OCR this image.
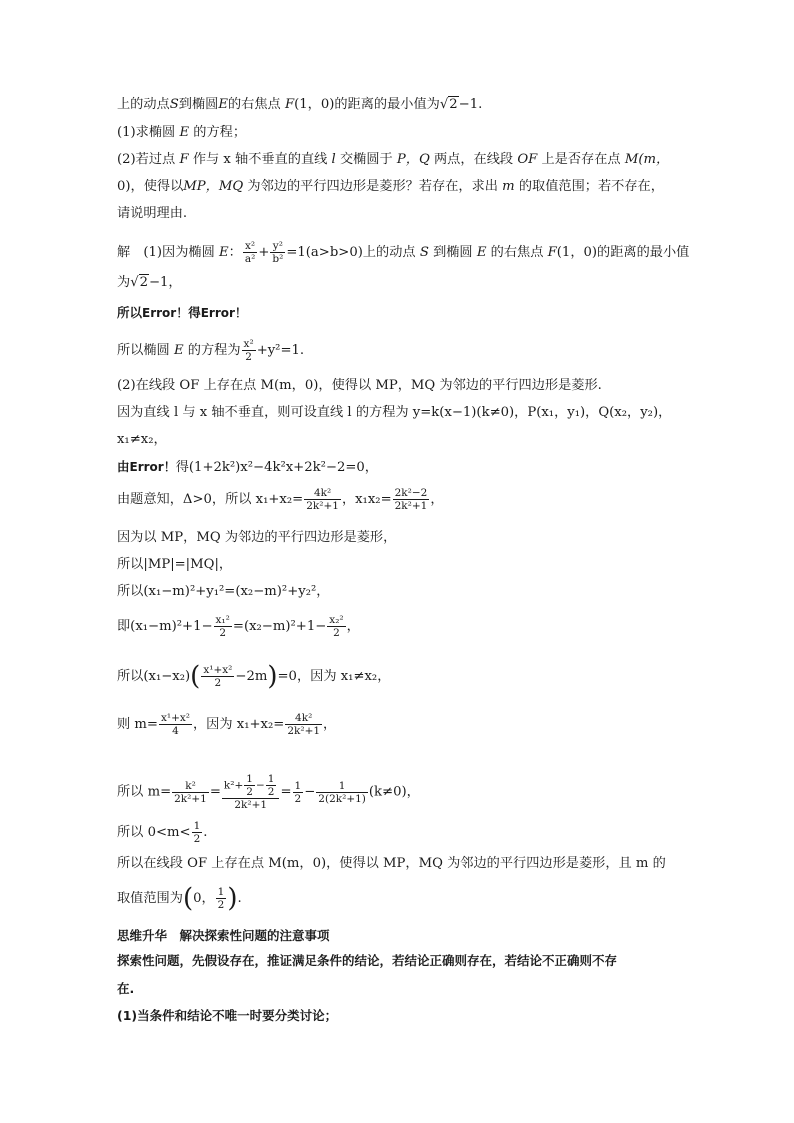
上的动点S到椭圆E的右焦点 F(1，0)的距离的最小值为√2−1.
(1)求椭圆 E 的方程；
(2)若过点 F 作与 x 轴不垂直的直线 l 交椭圆于 P，Q 两点，在线段 OF 上是否存在点 M(m，
0)，使得以MP，MQ 为邻边的平行四边形是菱形？若存在，求出 m 的取值范围；若不存在，
请说明理由.
解　(1)因为椭圆 E： $\frac{\text{x²}}{\text{a²}} + \frac{\text{y²}}{\text{b²}} =1(a>b>0)$上的动点 S 到椭圆 E 的右焦点 F(1，0)的距离的最小值
为√2−1，
所以Error！得Error！
所以椭圆 E 的方程为 $\frac{\text{x²}}{2} +y^2=1$.
(2)在线段 OF 上存在点 M(m，0)，使得以 MP，MQ 为邻边的平行四边形是菱形.
因为直线 l 与 x 轴不垂直，则可设直线 l 的方程为 y=k(x−1)(k≠0)，P(x₁，y₁)，Q(x₂，y₂)，
x₁≠x₂，
由Error！得(1+2k²)x²−4k²x+2k²−2=0，
由题意知，Δ>0，所以 $x_1+x_2= \frac{\text{4k²}}{\text{2k²+1}}$ ，$x_1x_2= \frac{\text{2k²−2}}{\text{2k²+1}}$ ，
因为以 MP，MQ 为邻边的平行四边形是菱形，
所以|MP|=|MQ|，
所以(x₁−m)²+y₁²=(x₂−m)²+y₂²，
即$(x_1-m)^2+1- \frac{\text{x₁²}}{2} =(x_2-m)^2+1- \frac{\text{x₂²}}{2}$ ，
所以$(x_1-x_2)( \frac{\text{x¹+x²}}{2} -2m)=0$，因为 x₁≠x₂，
则 $m= \frac{\text{x¹+x²}}{4}$ ，因为 $x_1+x_2= \frac{\text{4k²}}{\text{2k²+1}}$ ，
所以 $m= \frac{\text{k²}}{\text{2k²+1}} = \frac{k^2+ \frac{1}{2} - \frac{1}{2}}{\text{2k²+1}} = \frac{1}{2} - \frac{1}{\text{2(2k²+1)}} (k\ne 0)$，
所以 $0<m< \frac{1}{2}$ .
所以在线段 OF 上存在点 M(m，0)，使得以 MP，MQ 为邻边的平行四边形是菱形，且 m 的
取值范围为(0， $\frac{1}{2}$ ).
思维升华　解决探索性问题的注意事项
探索性问题，先假设存在，推证满足条件的结论，若结论正确则存在，若结论不正确则不存
在.
(1)当条件和结论不唯一时要分类讨论；
